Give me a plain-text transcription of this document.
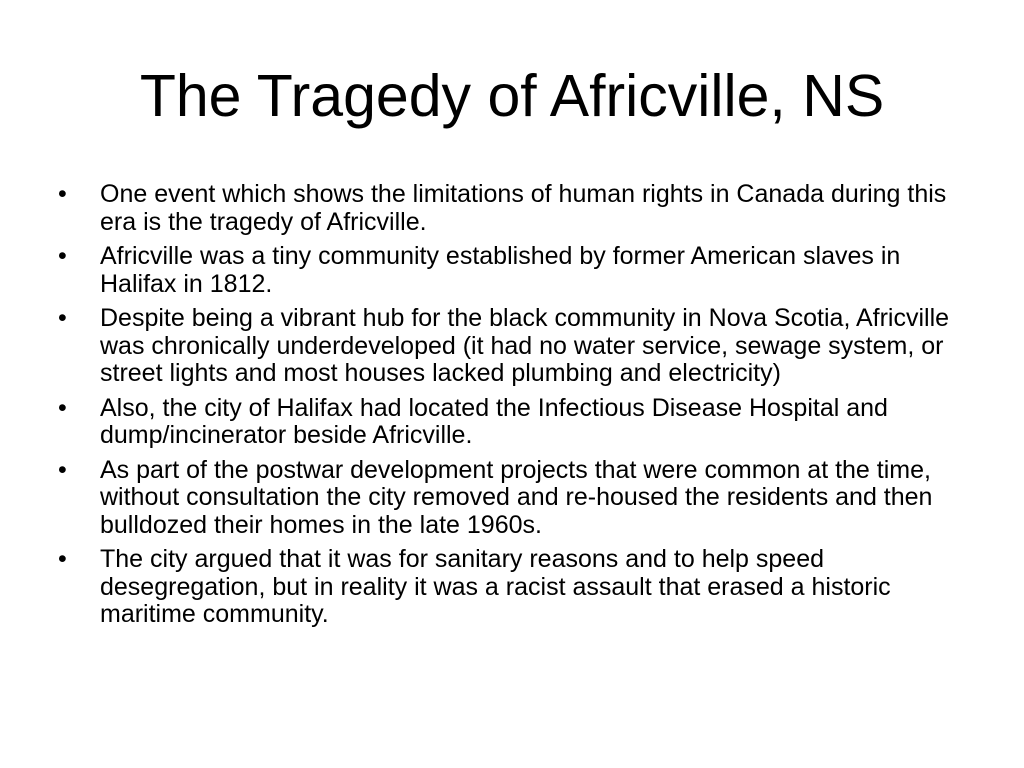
The Tragedy of Africville, NS
• One event which shows the limitations of human rights in Canada during this era is the tragedy of Africville.
• Africville was a tiny community established by former American slaves in Halifax in 1812.
• Despite being a vibrant hub for the black community in Nova Scotia, Africville was chronically underdeveloped (it had no water service, sewage system, or street lights and most houses lacked plumbing and electricity)
• Also, the city of Halifax had located the Infectious Disease Hospital and dump/incinerator beside Africville.
• As part of the postwar development projects that were common at the time, without consultation the city removed and re-housed the residents and then bulldozed their homes in the late 1960s.
• The city argued that it was for sanitary reasons and to help speed desegregation, but in reality it was a racist assault that erased a historic maritime community.
